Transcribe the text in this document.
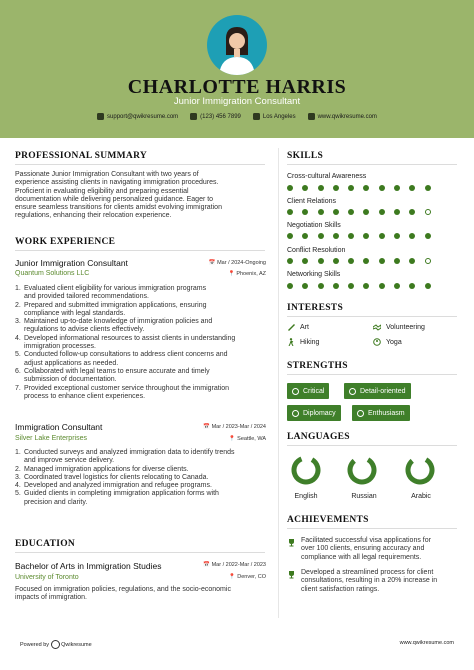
CHARLOTTE HARRIS
Junior Immigration Consultant
support@qwikresume.com	(123) 456 7899	Los Angeles	www.qwikresume.com
PROFESSIONAL SUMMARY
Passionate Junior Immigration Consultant with two years of
experience assisting clients in navigating immigration procedures.
Proficient in evaluating eligibility and preparing essential
documentation while delivering personalized guidance. Eager to
ensure seamless transitions for clients amidst evolving immigration
regulations, enhancing their relocation experience.
WORK EXPERIENCE
Junior Immigration Consultant	📅 Mar / 2024-Ongoing
Quantum Solutions LLC	📍 Phoenix, AZ
1. Evaluated client eligibility for various immigration programs
and provided tailored recommendations.
2. Prepared and submitted immigration applications, ensuring
compliance with legal standards.
3. Maintained up-to-date knowledge of immigration policies and
regulations to advise clients effectively.
4. Developed informational resources to assist clients in understanding
immigration processes.
5. Conducted follow-up consultations to address client concerns and
adjust applications as needed.
6. Collaborated with legal teams to ensure accurate and timely
submission of documentation.
7. Provided exceptional customer service throughout the immigration
process to enhance client experiences.
Immigration Consultant	📅 Mar / 2023-Mar / 2024
Silver Lake Enterprises	📍 Seattle, WA
1. Conducted surveys and analyzed immigration data to identify trends
and improve service delivery.
2. Managed immigration applications for diverse clients.
3. Coordinated travel logistics for clients relocating to Canada.
4. Developed and analyzed immigration and refugee programs.
5. Guided clients in completing immigration application forms with
precision and clarity.
EDUCATION
Bachelor of Arts in Immigration Studies	📅 Mar / 2022-Mar / 2023
University of Toronto	📍 Denver, CO
Focused on immigration policies, regulations, and the socio-economic
impacts of immigration.
SKILLS
Cross-cultural Awareness
Client Relations
Negotiation Skills
Conflict Resolution
Networking Skills
INTERESTS
Art	Volunteering
Hiking	Yoga
STRENGTHS
Critical	Detail-oriented
Diplomacy	Enthusiasm
LANGUAGES
English	Russian	Arabic
ACHIEVEMENTS
Facilitated successful visa applications for
over 100 clients, ensuring accuracy and
compliance with all legal requirements.
Developed a streamlined process for client
consultations, resulting in a 20% increase in
client satisfaction ratings.
Powered by Qwikresume	www.qwikresume.com
